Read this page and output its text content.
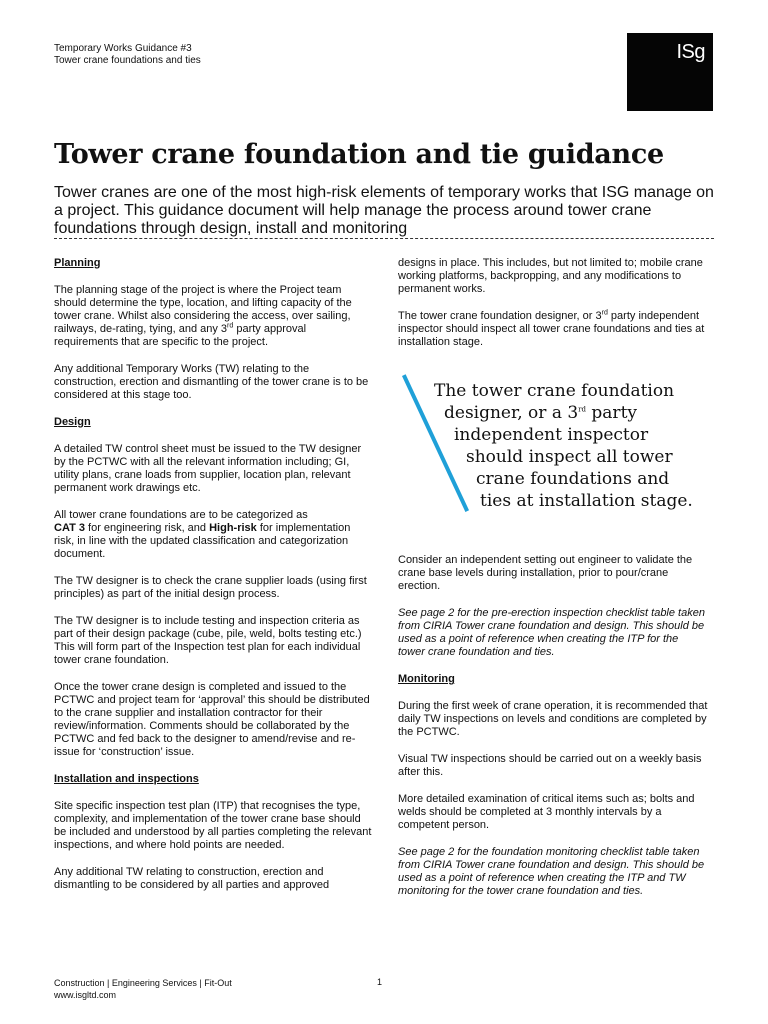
Temporary Works Guidance #3
Tower crane foundations and ties	ISg
Tower crane foundation and tie guidance

Tower cranes are one of the most high-risk elements of temporary works that ISG manage on a project. This guidance document will help manage the process around tower crane foundations through design, install and monitoring

Planning

The planning stage of the project is where the Project team should determine the type, location, and lifting capacity of the tower crane. Whilst also considering the access, over sailing, railways, de-rating, tying, and any 3rd party approval requirements that are specific to the project.

Any additional Temporary Works (TW) relating to the construction, erection and dismantling of the tower crane is to be considered at this stage too.

Design

A detailed TW control sheet must be issued to the TW designer by the PCTWC with all the relevant information including; GI, utility plans, crane loads from supplier, location plan, relevant permanent work drawings etc.

All tower crane foundations are to be categorized as
CAT 3 for engineering risk, and High-risk for implementation risk, in line with the updated classification and categorization document.

The TW designer is to check the crane supplier loads (using first principles) as part of the initial design process.

The TW designer is to include testing and inspection criteria as part of their design package (cube, pile, weld, bolts testing etc.) This will form part of the Inspection test plan for each individual tower crane foundation.

Once the tower crane design is completed and issued to the PCTWC and project team for ‘approval’ this should be distributed to the crane supplier and installation contractor for their review/information. Comments should be collaborated by the PCTWC and fed back to the designer to amend/revise and re-issue for ‘construction’ issue.

Installation and inspections

Site specific inspection test plan (ITP) that recognises the type, complexity, and implementation of the tower crane base should be included and understood by all parties completing the relevant inspections, and where hold points are needed.

Any additional TW relating to construction, erection and dismantling to be considered by all parties and approved

designs in place. This includes, but not limited to; mobile crane working platforms, backpropping, and any modifications to permanent works.

The tower crane foundation designer, or 3rd party independent inspector should inspect all tower crane foundations and ties at installation stage.

The tower crane foundation
designer, or a 3rd party
independent inspector
should inspect all tower
crane foundations and
ties at installation stage.

Consider an independent setting out engineer to validate the crane base levels during installation, prior to pour/crane erection.

See page 2 for the pre-erection inspection checklist table taken from CIRIA Tower crane foundation and design. This should be used as a point of reference when creating the ITP for the tower crane foundation and ties.

Monitoring

During the first week of crane operation, it is recommended that daily TW inspections on levels and conditions are completed by the PCTWC.

Visual TW inspections should be carried out on a weekly basis after this.

More detailed examination of critical items such as; bolts and welds should be completed at 3 monthly intervals by a competent person.

See page 2 for the foundation monitoring checklist table taken from CIRIA Tower crane foundation and design. This should be used as a point of reference when creating the ITP and TW monitoring for the tower crane foundation and ties.

Construction | Engineering Services | Fit-Out
www.isgltd.com
1
